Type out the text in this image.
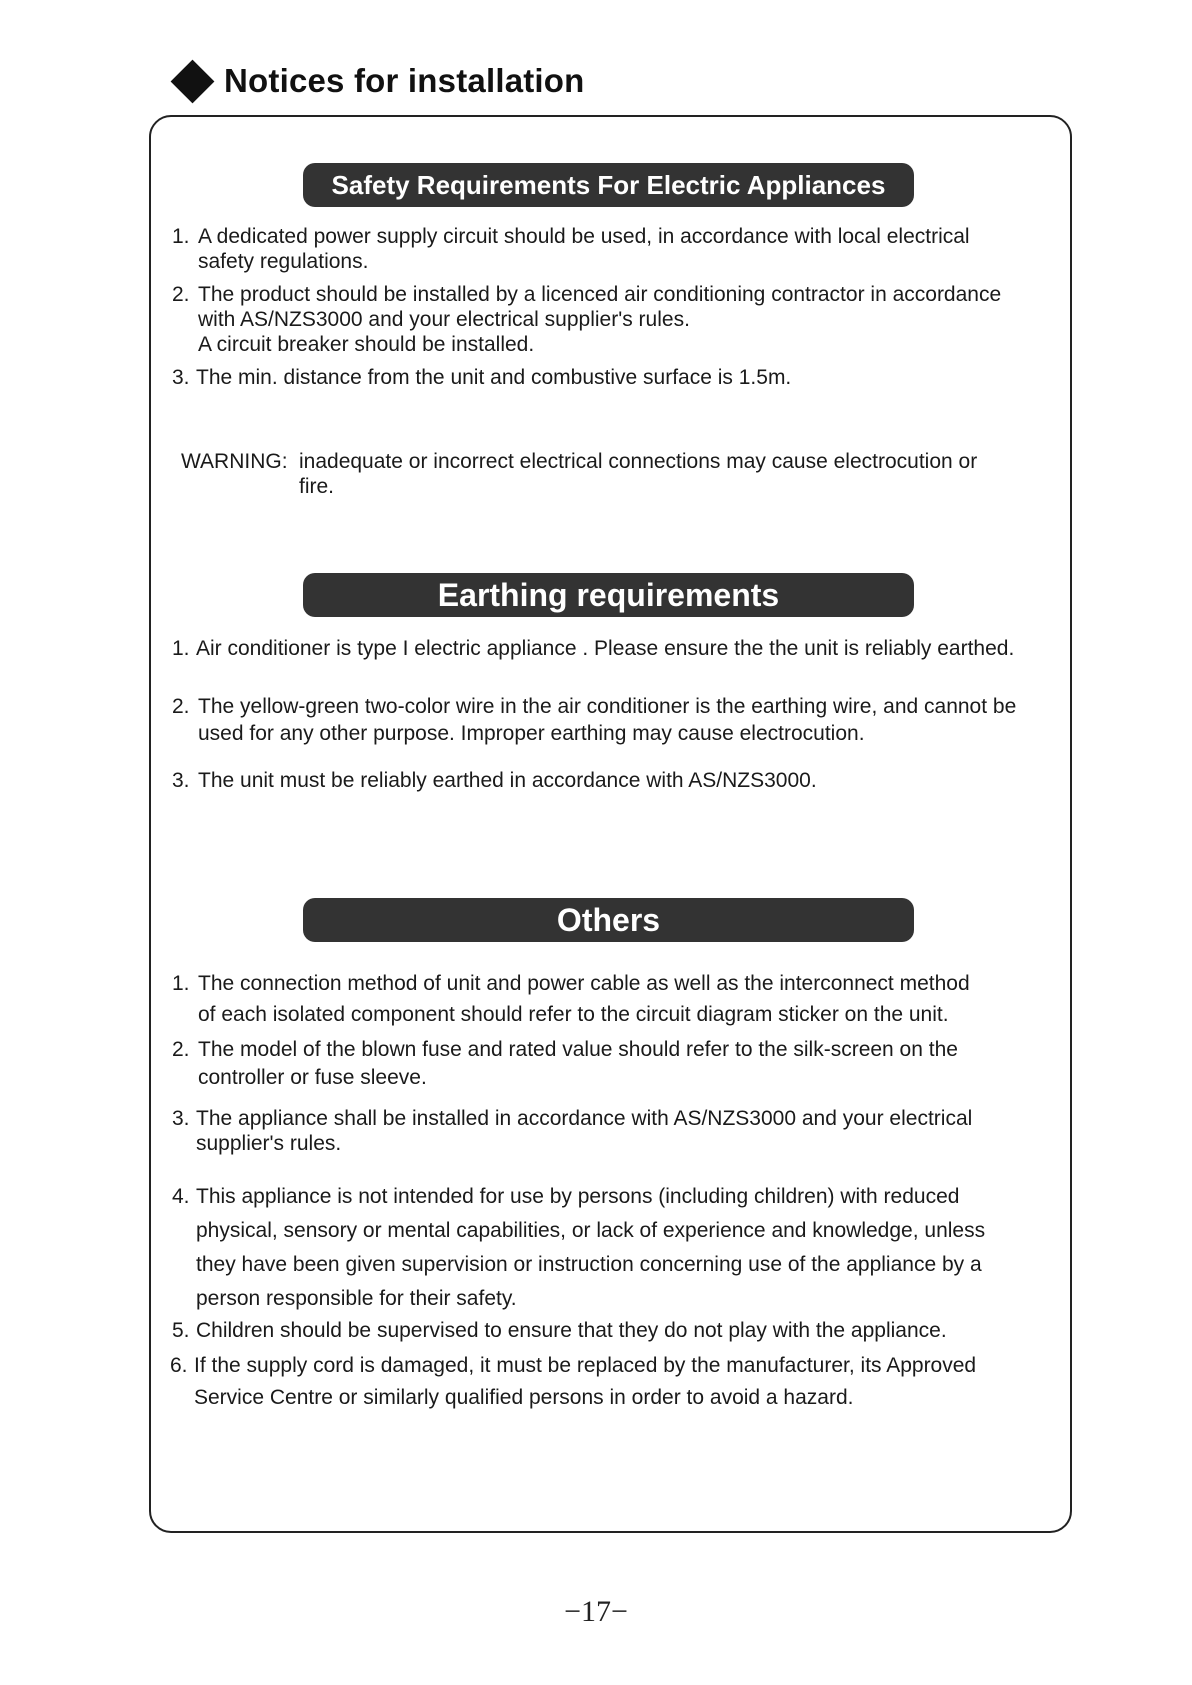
Notices for installation
Safety Requirements For Electric Appliances
1. A dedicated power supply circuit should be used, in accordance with local electrical
safety regulations.
2. The product should be installed by a licenced air conditioning contractor in accordance
with AS/NZS3000 and your electrical supplier's rules.
A circuit breaker should be installed.
3. The min. distance from the unit and combustive surface is 1.5m.
WARNING: inadequate or incorrect electrical connections may cause electrocution or
fire.
Earthing requirements
1. Air conditioner is type I electric appliance . Please ensure the the unit is reliably earthed.
2. The yellow-green two-color wire in the air conditioner is the earthing wire, and cannot be
used for any other purpose. Improper earthing may cause electrocution.
3. The unit must be reliably earthed in accordance with AS/NZS3000.
Others
1. The connection method of unit and power cable as well as the interconnect method
of each isolated component should refer to the circuit diagram sticker on the unit.
2. The model of the blown fuse and rated value should refer to the silk-screen on the
controller or fuse sleeve.
3. The appliance shall be installed in accordance with AS/NZS3000 and your electrical
supplier's rules.
4. This appliance is not intended for use by persons (including children) with reduced
physical, sensory or mental capabilities, or lack of experience and knowledge, unless
they have been given supervision or instruction concerning use of the appliance by a
person responsible for their safety.
5. Children should be supervised to ensure that they do not play with the appliance.
6. If the supply cord is damaged, it must be replaced by the manufacturer, its Approved
Service Centre or similarly qualified persons in order to avoid a hazard.
−17−
